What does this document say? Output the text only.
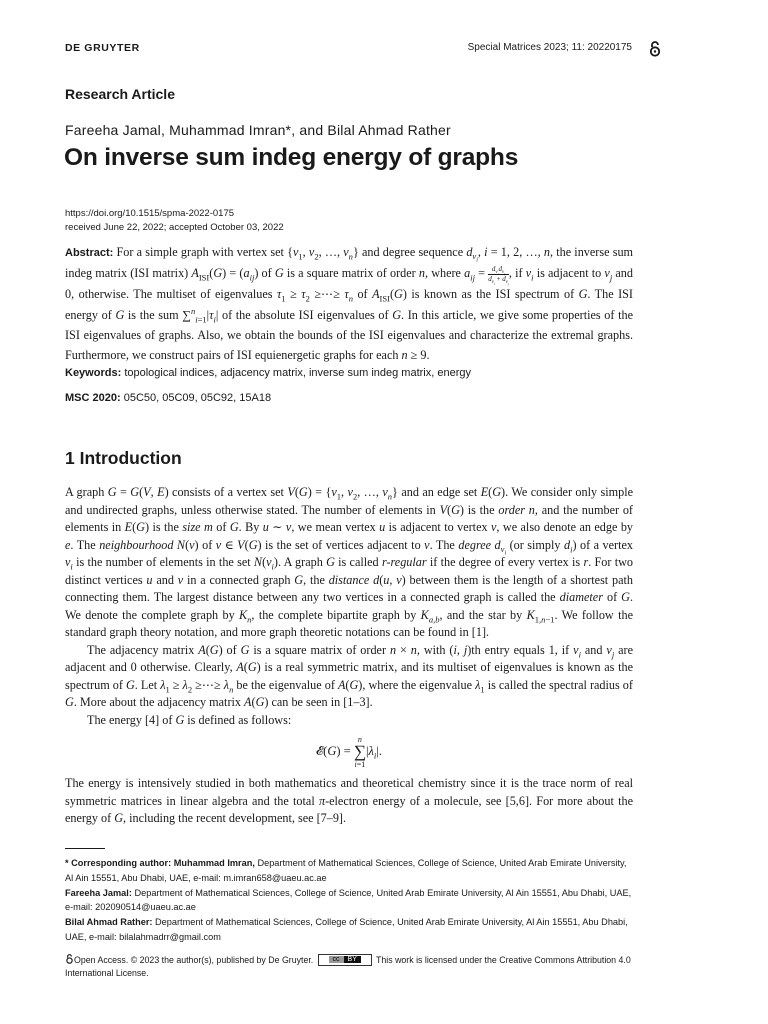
DE GRUYTER	Special Matrices 2023; 11: 20220175
Research Article
Fareeha Jamal, Muhammad Imran*, and Bilal Ahmad Rather
On inverse sum indeg energy of graphs
https://doi.org/10.1515/spma-2022-0175
received June 22, 2022; accepted October 03, 2022
Abstract: For a simple graph with vertex set {$v_1$, $v_2$, …, $v_n$} and degree sequence $d_{v_i}$, i = 1, 2, …, n, the inverse sum indeg matrix (ISI matrix) $A_{ISI}(G) = (a_{ij})$ of G is a square matrix of order n, where $a_{ij} = d_{v_i}d_{v_j}$
$d_{v_i} + d_{v_j}$
, if $v_i$ is adjacent to $v_j$ and 0, otherwise. The multiset of eigenvalues $\tau_1 \ge \tau_2$ ≥⋯≥ $\tau_n$ of $A_{ISI}(G)$ is known as the ISI spectrum of G. The ISI energy of G is the sum $\sum^n_{i=1}|\tau_i|$ of the absolute ISI eigenvalues of G. In this article, we give some properties of the ISI eigenvalues of graphs. Also, we obtain the bounds of the ISI eigenvalues and characterize the extremal graphs. Furthermore, we construct pairs of ISI equienergetic graphs for each n ≥ 9.
Keywords: topological indices, adjacency matrix, inverse sum indeg matrix, energy
MSC 2020: 05C50, 05C09, 05C92, 15A18
1 Introduction

A graph G = G(V, E) consists of a vertex set $V(G) = \{v_1$, $v_2$, …, $v_n$} and an edge set E(G). We consider only simple and undirected graphs, unless otherwise stated. The number of elements in V(G) is the order n, and the number of elements in E(G) is the size m of G. By u ∼ v, we mean vertex u is adjacent to vertex v, we also denote an edge by e. The neighbourhood N(v) of v ∈ V(G) is the set of vertices adjacent to v. The degree $d_{v_i}$ (or simply $d_i$) of a vertex $v_i$ is the number of elements in the set $N(v_i)$. A graph G is called r-regular if the degree of every vertex is r. For two distinct vertices u and v in a connected graph G, the distance d(u, v) between them is the length of a shortest path connecting them. The largest distance between any two vertices in a connected graph is called the diameter of G. We denote the complete graph by $K_n$, the complete bipartite graph by $K_{a,b}$, and the star by $K_{1,n-1}$. We follow the standard graph theory notation, and more graph theoretic notations can be found in [1].

The adjacency matrix A(G) of G is a square matrix of order n × n, with (i, j)th entry equals 1, if $v_i$ and $v_j$ are adjacent and 0 otherwise. Clearly, A(G) is a real symmetric matrix, and its multiset of eigenvalues is known as the spectrum of G. Let $\lambda_1 \ge \lambda_2$ ≥⋯≥ $\lambda_n$ be the eigenvalue of A(G), where the eigenvalue $\lambda_1$ is called the spectral radius of G. More about the adjacency matrix A(G) can be seen in [1–3].

The energy [4] of G is defined as follows:

𝓔(G) =
n
∑
i=1
$|\lambda_i|$.

The energy is intensively studied in both mathematics and theoretical chemistry since it is the trace norm of real symmetric matrices in linear algebra and the total π-electron energy of a molecule, see [5,6]. For more about the energy of G, including the recent development, see [7–9].

* Corresponding author: Muhammad Imran, Department of Mathematical Sciences, College of Science, United Arab Emirate University, Al Ain 15551, Abu Dhabi, UAE, e-mail: m.imran658@uaeu.ac.ae

Fareeha Jamal: Department of Mathematical Sciences, College of Science, United Arab Emirate University, Al Ain 15551, Abu Dhabi, UAE, e-mail: 202090514@uaeu.ac.ae

Bilal Ahmad Rather: Department of Mathematical Sciences, College of Science, United Arab Emirate University, Al Ain 15551, Abu Dhabi, UAE, e-mail: bilalahmadrr@gmail.com

Open Access. © 2023 the author(s), published by De Gruyter.	cc BY This work is licensed under the Creative Commons Attribution 4.0 International License.
